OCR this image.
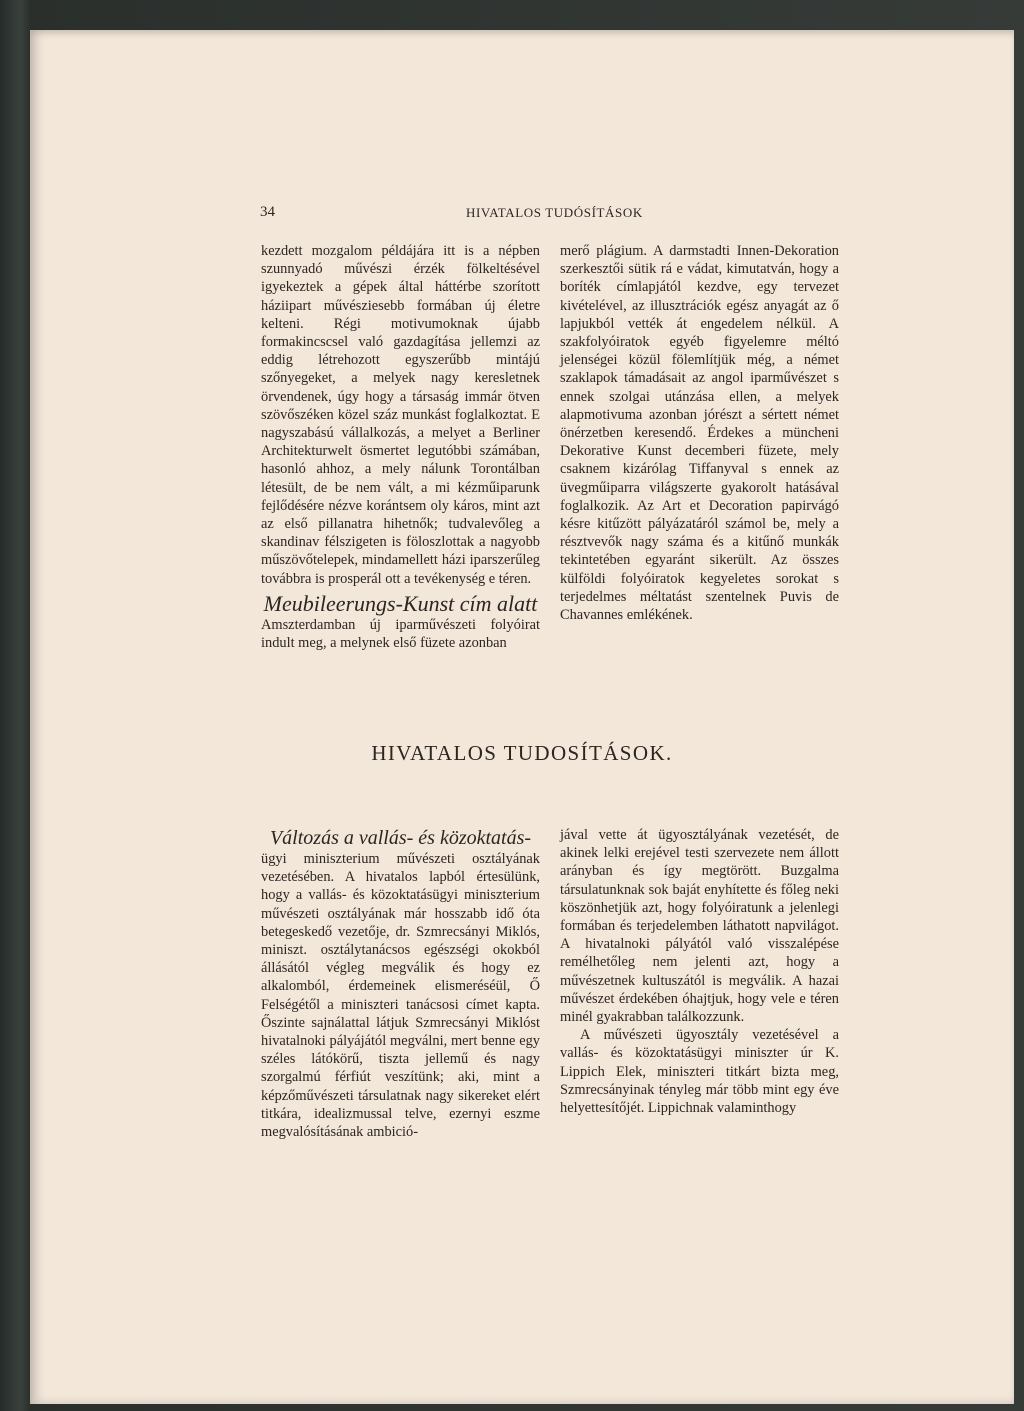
34	HIVATALOS TUDÓSÍTÁSOK

kezdett mozgalom példájára itt is a népben szunnyadó művészi érzék fölkeltésével igyekeztek a gépek által háttérbe szorított háziipart művésziesebb formában új életre kelteni. Régi motivumoknak újabb formakincscsel való gazdagítása jellemzi az eddig létrehozott egyszerűbb mintájú szőnyegeket, a melyek nagy keresletnek örvendenek, úgy hogy a társaság immár ötven szövőszéken közel száz munkást foglalkoztat. E nagyszabású vállalkozás, a melyet a Berliner Architekturwelt ösmertet legutóbbi számában, hasonló ahhoz, a mely nálunk Torontálban létesült, de be nem vált, a mi kézműiparunk fejlődésére nézve korántsem oly káros, mint azt az első pillanatra hihetnők; tudvalevőleg a skandinav félszigeten is föloszlottak a nagyobb műszövőtelepek, mindamellett házi iparszerűleg továbbra is prosperál ott a tevékenység e téren.

Meubileerungs-Kunst cím alatt

Amszterdamban új iparművészeti folyóirat indult meg, a melynek első füzete azonban

merő plágium. A darmstadti Innen-Dekoration szerkesztői sütik rá e vádat, kimutatván, hogy a boríték címlapjától kezdve, egy tervezet kivételével, az illusztrációk egész anyagát az ő lapjukból vették át engedelem nélkül. A szakfolyóiratok egyéb figyelemre méltó jelenségei közül fölemlítjük még, a német szaklapok támadásait az angol iparművészet s ennek szolgai utánzása ellen, a melyek alapmotivuma azonban jórészt a sértett német önérzetben keresendő. Érdekes a müncheni Dekorative Kunst decemberi füzete, mely csaknem kizárólag Tiffanyval s ennek az üvegműiparra világszerte gyakorolt hatásával foglalkozik. Az Art et Decoration papirvágó késre kitűzött pályázatáról számol be, mely a résztvevők nagy száma és a kitűnő munkák tekintetében egyaránt sikerült. Az összes külföldi folyóiratok kegyeletes sorokat s terjedelmes méltatást szentelnek Puvis de Chavannes emlékének.

HIVATALOS TUDOSÍTÁSOK.
Változás a vallás- és közoktatás-

ügyi miniszterium művészeti osztályának vezetésében. A hivatalos lapból értesülünk, hogy a vallás- és közoktatásügyi miniszterium művészeti osztályának már hosszabb idő óta betegeskedő vezetője, dr. Szmrecsányi Miklós, miniszt. osztálytanácsos egészségi okokból állásától végleg megválik és hogy ez alkalomból, érdemeinek elismeréséül, Ő Felségétől a miniszteri tanácsosi címet kapta. Őszinte sajnálattal látjuk Szmrecsányi Miklóst hivatalnoki pályájától megválni, mert benne egy széles látókörű, tiszta jellemű és nagy szorgalmú férfiút veszítünk; aki, mint a képzőművészeti társulatnak nagy sikereket elért titkára, idealizmussal telve, ezernyi eszme megvalósításának ambició-

jával vette át ügyosztályának vezetését, de akinek lelki erejével testi szervezete nem állott arányban és így megtörött. Buzgalma társulatunknak sok baját enyhítette és főleg neki köszönhetjük azt, hogy folyóiratunk a jelenlegi formában és terjedelemben láthatott napvilágot. A hivatalnoki pályától való visszalépése remélhetőleg nem jelenti azt, hogy a művészetnek kultuszától is megválik. A hazai művészet érdekében óhajtjuk, hogy vele e téren minél gyakrabban találkozzunk.

A művészeti ügyosztály vezetésével a vallás- és közoktatásügyi miniszter úr K. Lippich Elek, miniszteri titkárt bizta meg, Szmrecsányinak tényleg már több mint egy éve helyettesítőjét. Lippichnak valaminthogy
